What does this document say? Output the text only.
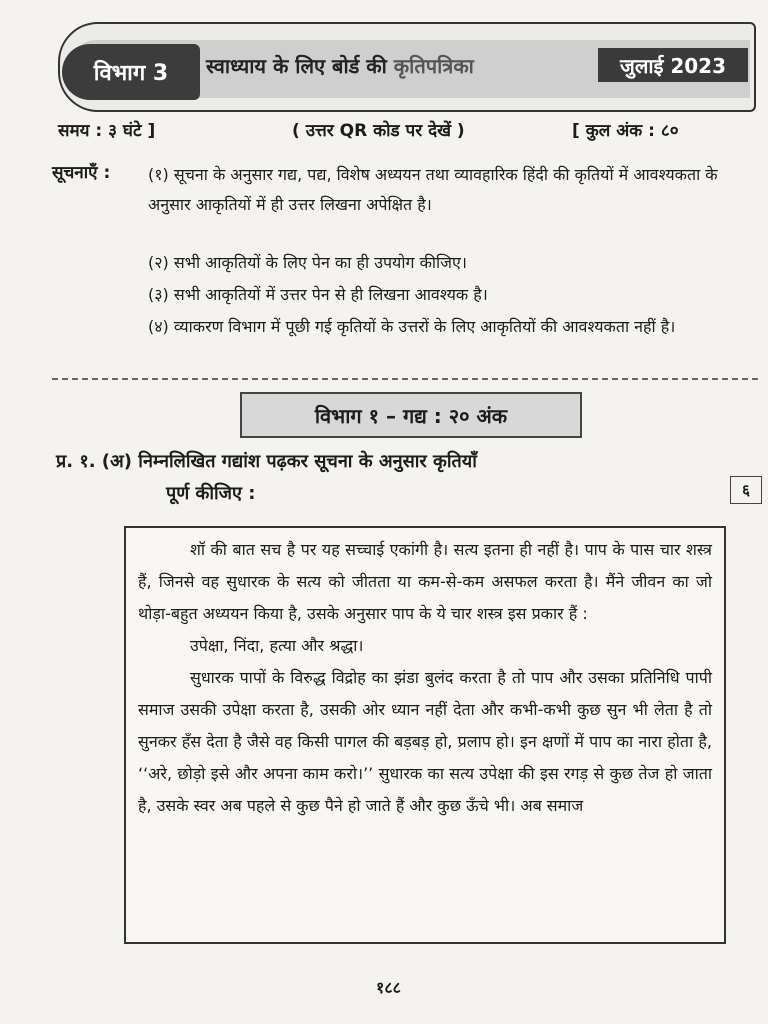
विभाग 3	स्वाध्याय के लिए बोर्ड की कृतिपत्रिका	जुलाई 2023
समय : ३ घंटे ]	( उत्तर QR कोड पर देखें )	[ कुल अंक : ८०
सूचनाएँ : (१) सूचना के अनुसार गद्य, पद्य, विशेष अध्ययन तथा व्यावहारिक हिंदी की कृतियों में आवश्यकता के अनुसार आकृतियों में ही उत्तर लिखना अपेक्षित है।
(२) सभी आकृतियों के लिए पेन का ही उपयोग कीजिए।
(३) सभी आकृतियों में उत्तर पेन से ही लिखना आवश्यक है।
(४) व्याकरण विभाग में पूछी गई कृतियों के उत्तरों के लिए आकृतियों की आवश्यकता नहीं है।
विभाग १ – गद्य : २० अंक
प्र. १. (अ) निम्नलिखित गद्यांश पढ़कर सूचना के अनुसार कृतियाँ
पूर्ण कीजिए :	६

शॉ की बात सच है पर यह सच्चाई एकांगी है। सत्य इतना ही नहीं है। पाप के पास चार शस्त्र हैं, जिनसे वह सुधारक के सत्य को जीतता या कम-से-कम असफल करता है। मैंने जीवन का जो थोड़ा-बहुत अध्ययन किया है, उसके अनुसार पाप के ये चार शस्त्र इस प्रकार हैं :

उपेक्षा, निंदा, हत्या और श्रद्धा।

सुधारक पापों के विरुद्ध विद्रोह का झंडा बुलंद करता है तो पाप और उसका प्रतिनिधि पापी समाज उसकी उपेक्षा करता है, उसकी ओर ध्यान नहीं देता और कभी-कभी कुछ सुन भी लेता है तो सुनकर हँस देता है जैसे वह किसी पागल की बड़बड़ हो, प्रलाप हो। इन क्षणों में पाप का नारा होता है, ‘‘अरे, छोड़ो इसे और अपना काम करो।’’ सुधारक का सत्य उपेक्षा की इस रगड़ से कुछ तेज हो जाता है, उसके स्वर अब पहले से कुछ पैने हो जाते हैं और कुछ ऊँचे भी। अब समाज

१८८
